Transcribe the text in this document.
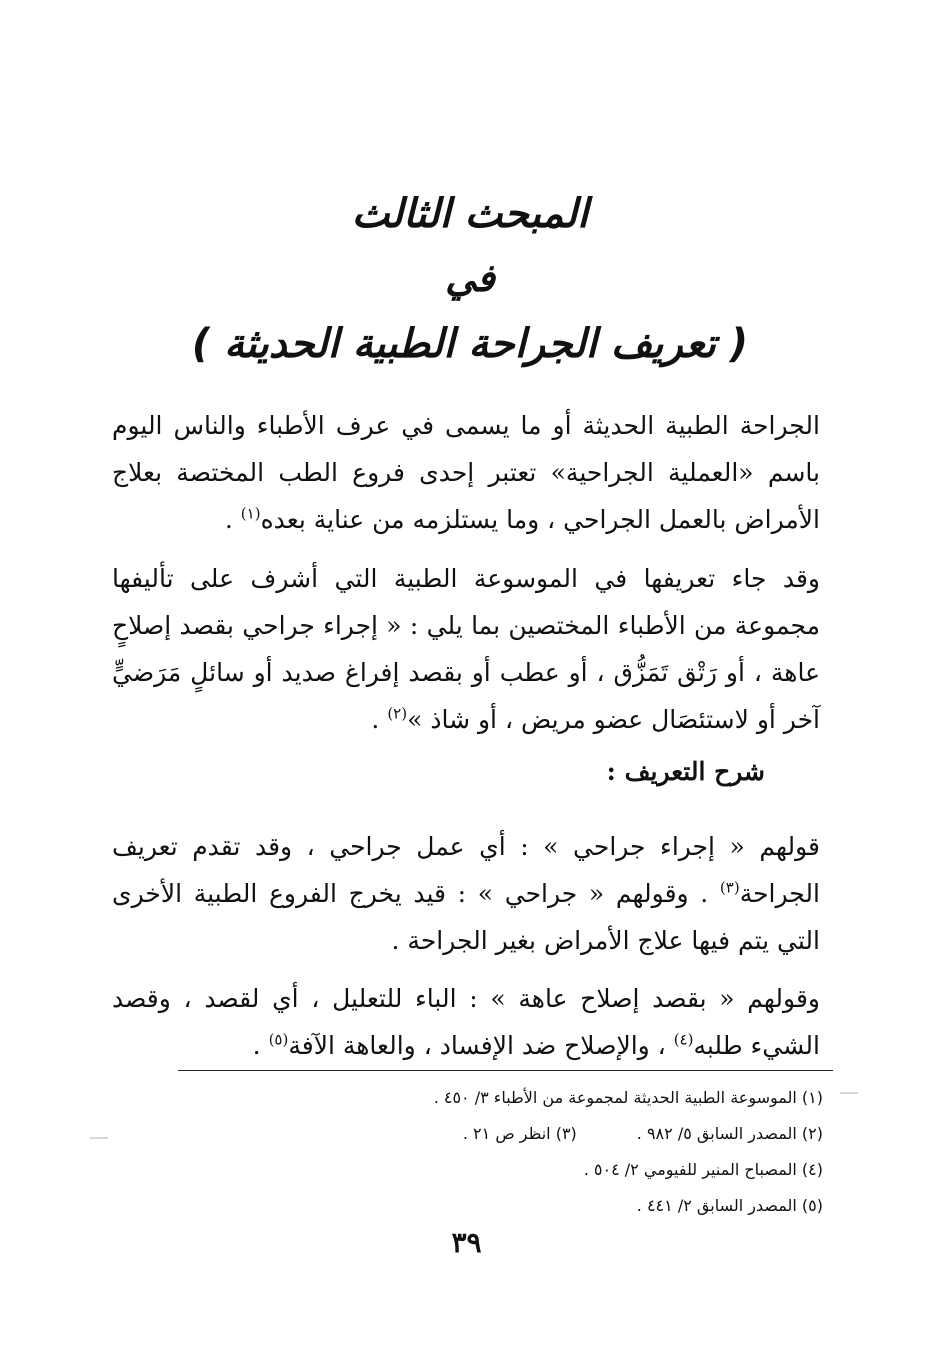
المبحث الثالث
في
( تعريف الجراحة الطبية الحديثة )
الجراحة الطبية الحديثة أو ما يسمى في عرف الأطباء والناس اليوم باسم «العملية الجراحية» تعتبر إحدى فروع الطب المختصة بعلاج الأمراض بالعمل الجراحي ، وما يستلزمه من عناية بعده$^{(١)}$ .
وقد جاء تعريفها في الموسوعة الطبية التي أشرف على تأليفها مجموعة من الأطباء المختصين بما يلي : « إجراء جراحي بقصد إصلاحٍ عاهة ، أو رَتْق تَمَزُّق ، أو عطب أو بقصد إفراغ صديد أو سائلٍ مَرَضيٍّ آخر أو لاستئصَال عضو مريض ، أو شاذ »$^{(٢)}$ .
شرح التعريف :
قولهم « إجراء جراحي » : أي عمل جراحي ، وقد تقدم تعريف الجراحة$^{(٣)}$ . وقولهم « جراحي » : قيد يخرج الفروع الطبية الأخرى التي يتم فيها علاج الأمراض بغير الجراحة .
وقولهم « بقصد إصلاح عاهة » : الباء للتعليل ، أي لقصد ، وقصد الشيء طلبه$^{(٤)}$ ، والإصلاح ضد الإفساد ، والعاهة الآفة$^{(٥)}$ .
(١) الموسوعة الطبية الحديثة لمجموعة من الأطباء ٣/ ٤٥٠ .
(٢) المصدر السابق ٥/ ٩٨٢ .
(٣) انظر ص ٢١ .
(٤) المصباح المنير للفيومي ٢/ ٥٠٤ .
(٥) المصدر السابق ٢/ ٤٤١ .
٣٩
